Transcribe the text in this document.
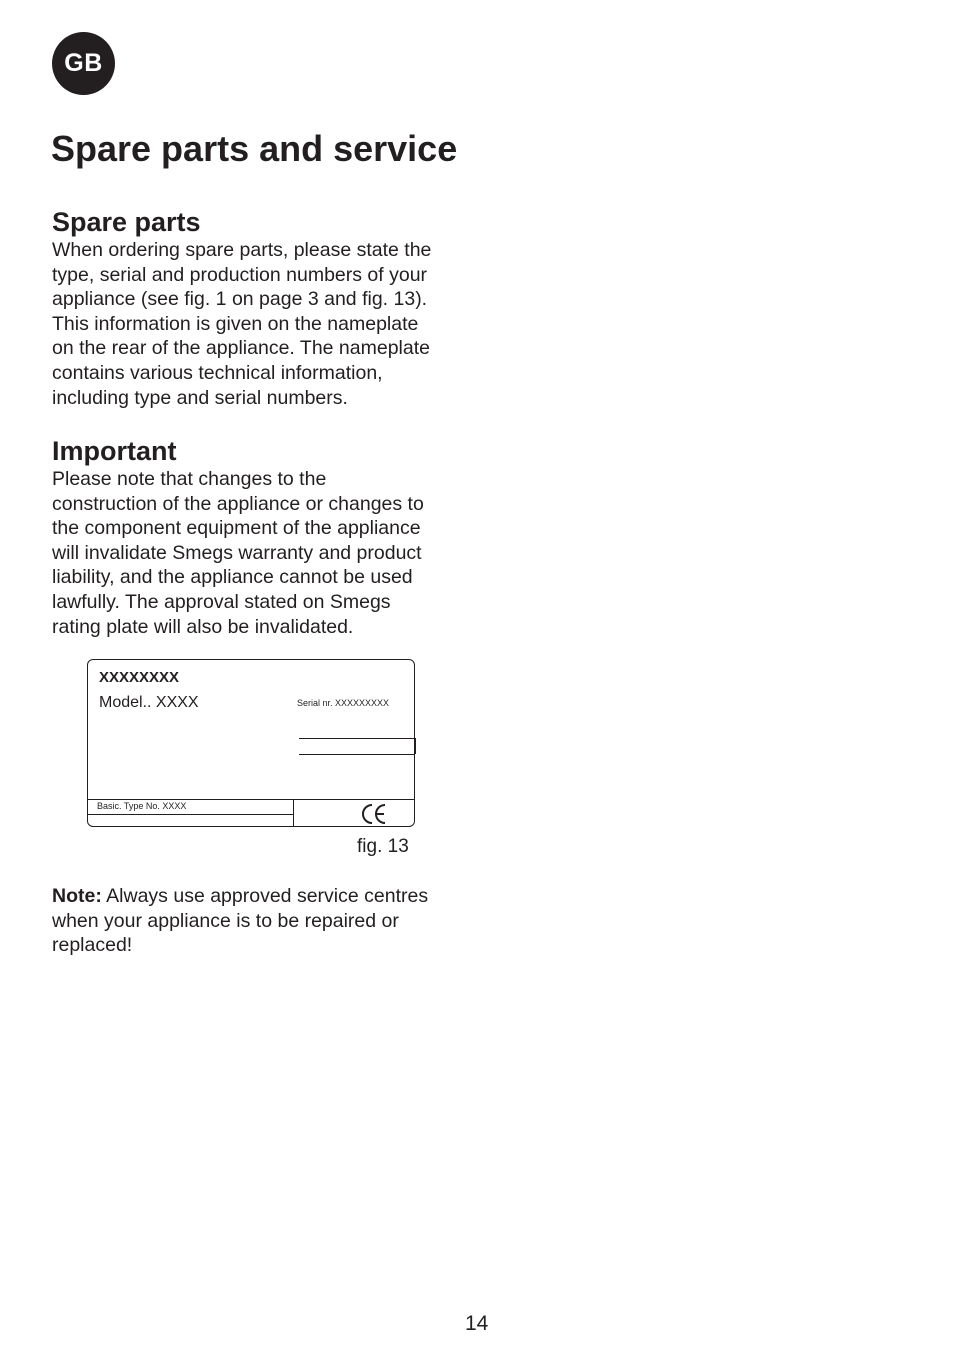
GB
Spare parts and service
Spare parts

When ordering spare parts, please state the
type, serial and production numbers of your
appliance (see fig. 1 on page 3 and fig. 13).
This information is given on the nameplate
on the rear of the appliance. The nameplate
contains various technical information,
including type and serial numbers.

Important

Please note that changes to the
construction of the appliance or changes to
the component equipment of the appliance
will invalidate Smegs warranty and product
liability, and the appliance cannot be used
lawfully. The approval stated on Smegs
rating plate will also be invalidated.

XXXXXXXX
Model.. XXXX	Serial nr. XXXXXXXXX
Basic. Type No. XXXX
fig. 13

Note: Always use approved service centres
when your appliance is to be repaired or
replaced!

14
